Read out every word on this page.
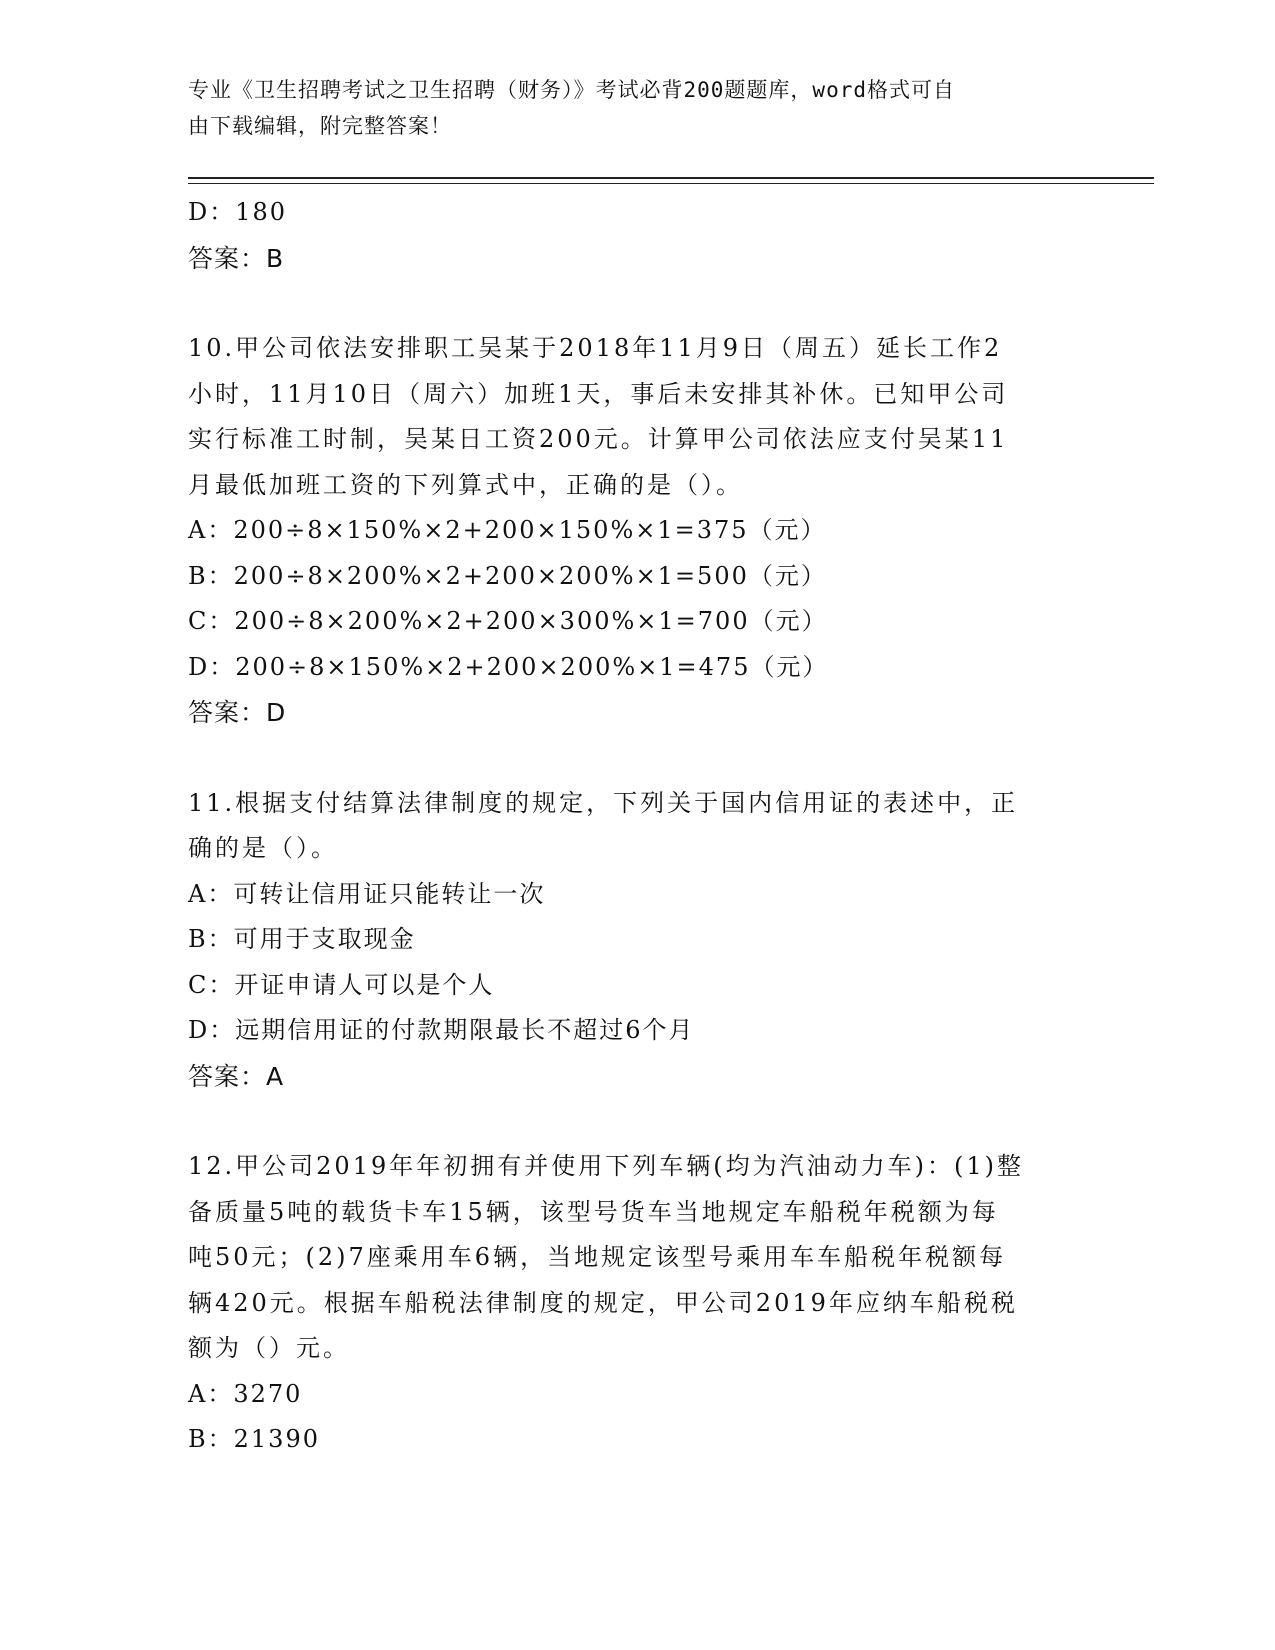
专业《卫生招聘考试之卫生招聘（财务）》考试必背200题题库，word格式可自
由下载编辑，附完整答案！
D：180
答案：B
10.甲公司依法安排职工吴某于2018年11月9日（周五）延长工作2
小时，11月10日（周六）加班1天，事后未安排其补休。已知甲公司
实行标准工时制，吴某日工资200元。计算甲公司依法应支付吴某11
月最低加班工资的下列算式中，正确的是（）。
A：200÷8×150%×2+200×150%×1=375（元）
B：200÷8×200%×2+200×200%×1=500（元）
C：200÷8×200%×2+200×300%×1=700（元）
D：200÷8×150%×2+200×200%×1=475（元）
答案：D
11.根据支付结算法律制度的规定，下列关于国内信用证的表述中，正
确的是（）。
A：可转让信用证只能转让一次
B：可用于支取现金
C：开证申请人可以是个人
D：远期信用证的付款期限最长不超过6个月
答案：A
12.甲公司2019年年初拥有并使用下列车辆(均为汽油动力车)：(1)整
备质量5吨的载货卡车15辆，该型号货车当地规定车船税年税额为每
吨50元；(2)7座乘用车6辆，当地规定该型号乘用车车船税年税额每
辆420元。根据车船税法律制度的规定，甲公司2019年应纳车船税税
额为（）元。
A：3270
B：21390
